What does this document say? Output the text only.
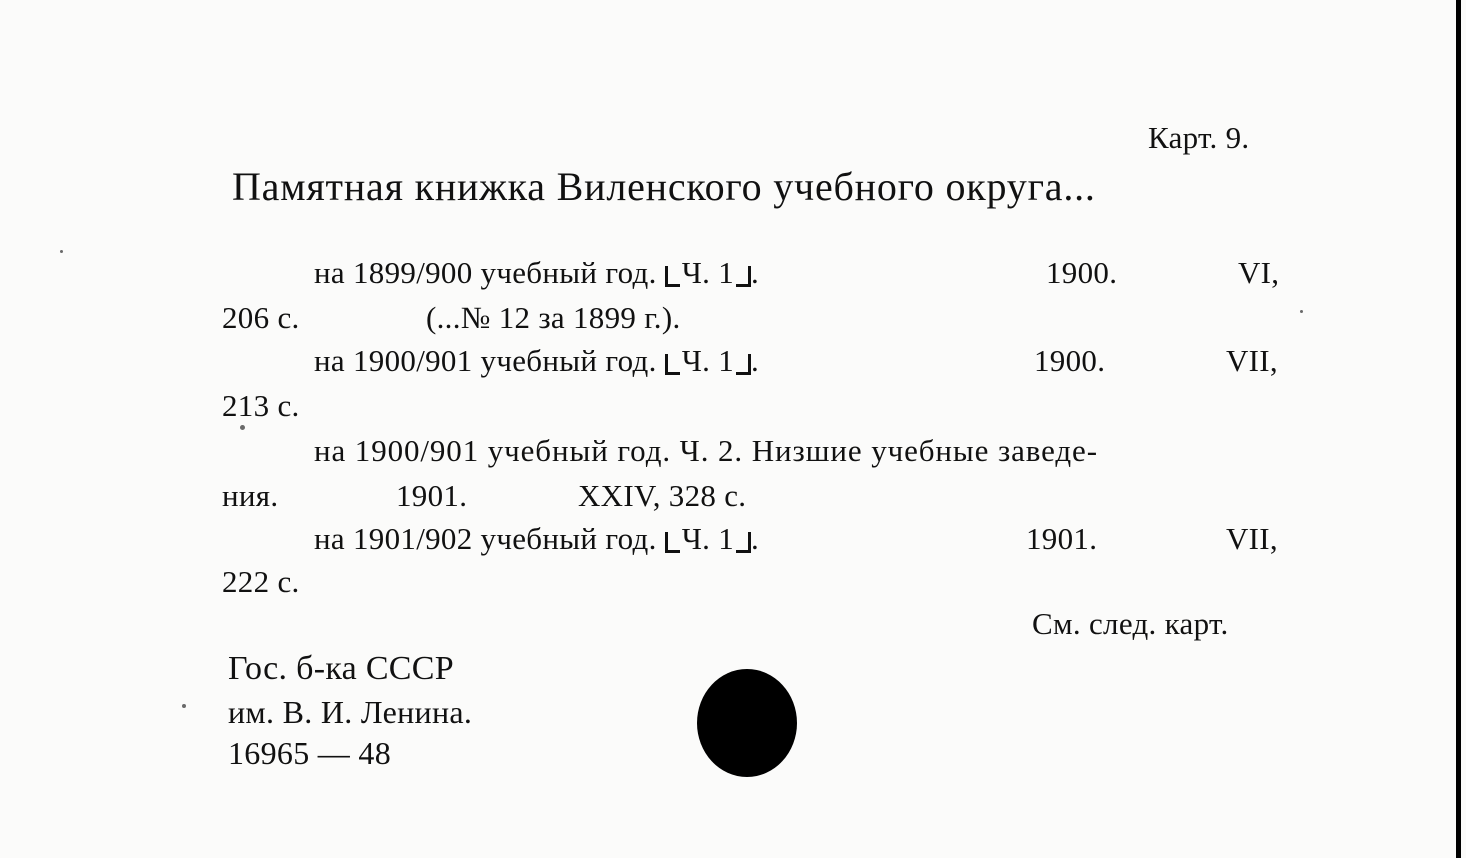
Карт. 9.
Памятная книжка Виленского учебного округа...
на 1899/900 учебный год. Ч. 1 .	1900.	VI,
206 с.	(...№ 12 за 1899 г.).
на 1900/901 учебный год. Ч. 1 .	1900.	VII,
213 с.
на 1900/901 учебный год. Ч. 2. Низшие учебные заведе-
ния.	1901.	XXIV, 328 с.
на 1901/902 учебный год. Ч. 1 .	1901.	VII,
222 с.
См. след. карт.
Гос. б-ка СССР
им. В. И. Ленина.
16965 — 48
